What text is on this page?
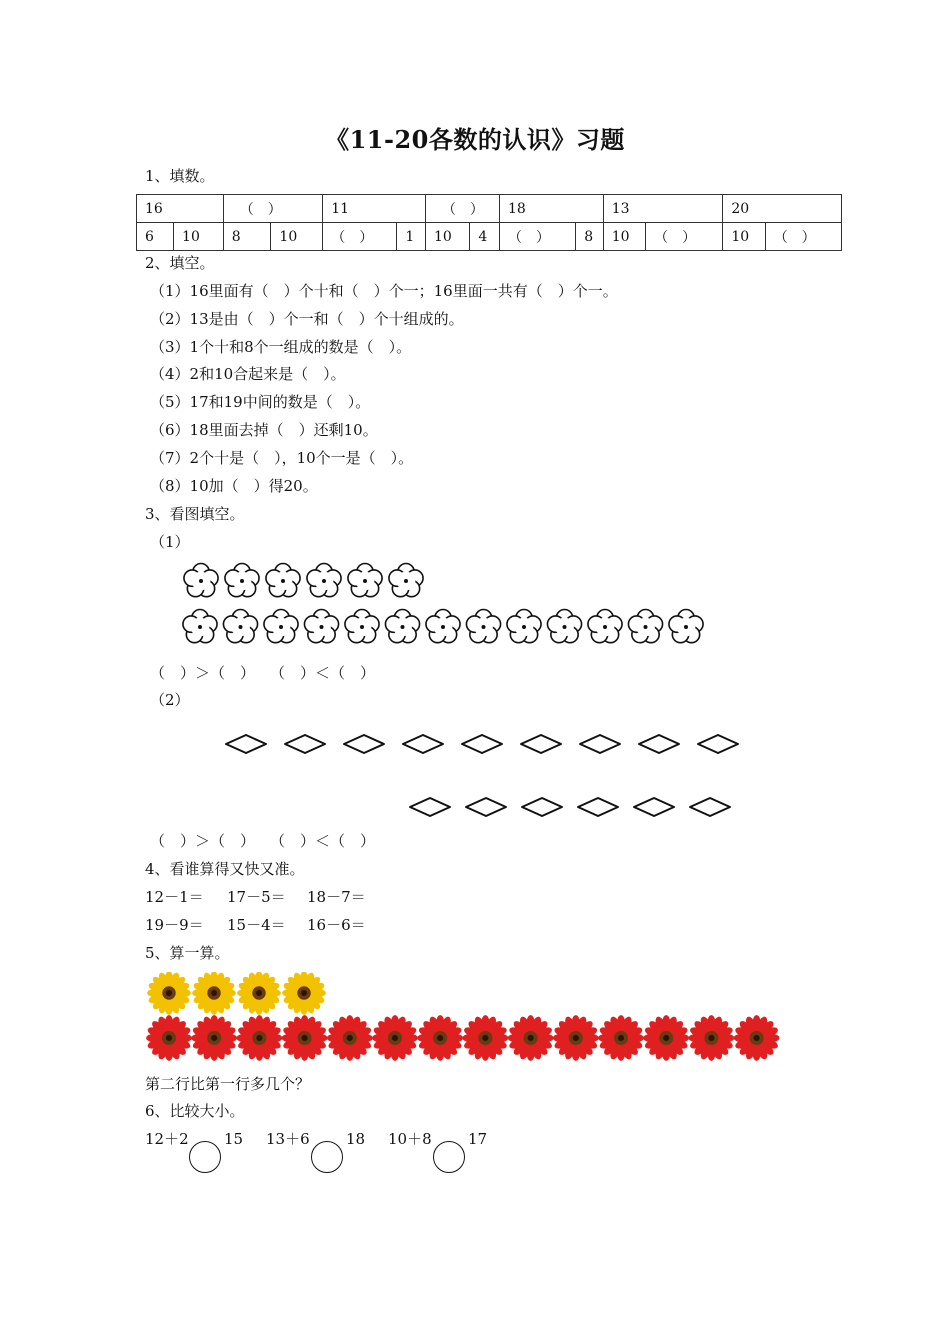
《11-20各数的认识》习题
1、填数。
16		（　）		11		（　）		18		13		20	
6	10	8	10	（　）	1	10	4	（　）	8	10	（　）	10	（　）
2、填空。
（1）16里面有（　）个十和（　）个一；16里面一共有（　）个一。
（2）13是由（　）个一和（　）个十组成的。
（3）1个十和8个一组成的数是（　）。
（4）2和10合起来是（　）。
（5）17和19中间的数是（　）。
（6）18里面去掉（　）还剩10。
（7）2个十是（　），10个一是（　）。
（8）10加（　）得20。
3、看图填空。
（1）
（　）＞（　）　　（　）＜（　）
（2）
（　）＞（　）　　（　）＜（　）
4、看谁算得又快又准。
12－1＝ 17－5＝ 18－7＝
19－9＝ 15－4＝ 16－6＝
5、算一算。
第二行比第一行多几个？
6、比较大小。
12＋2 15 13＋6 18 10＋8 17
